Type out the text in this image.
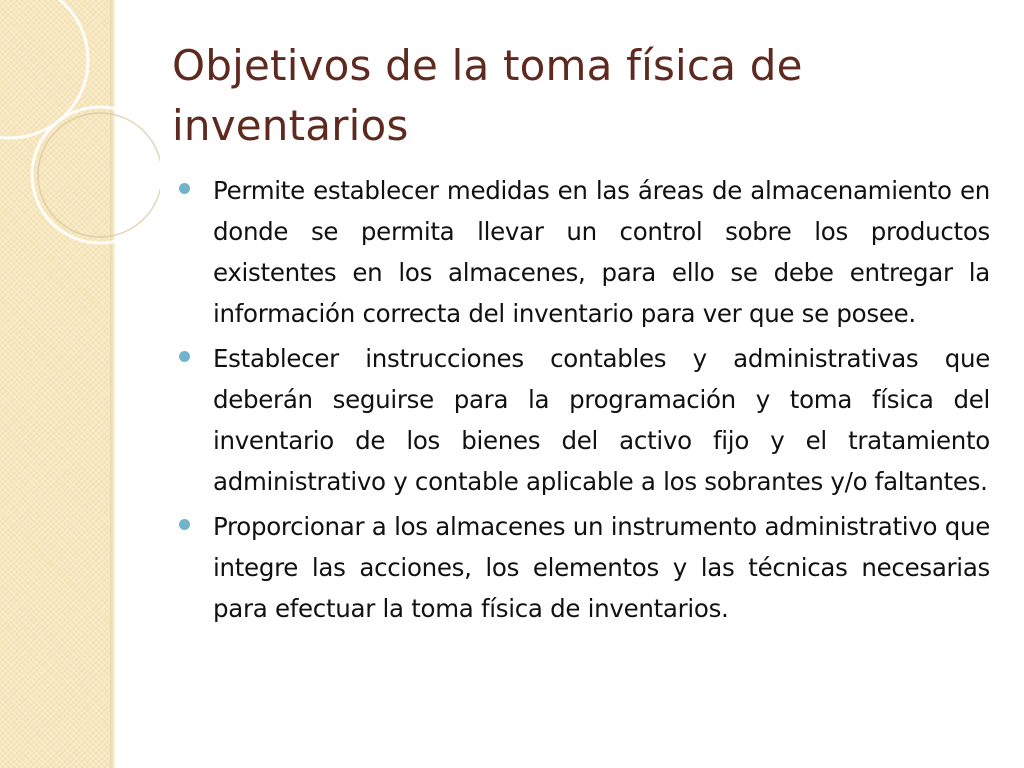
Objetivos de la toma física de inventarios
Permite establecer medidas en las áreas de almacenamiento en donde se permita llevar un control sobre los productos existentes en los almacenes, para ello se debe entregar la información correcta del inventario para ver que se posee.
Establecer instrucciones contables y administrativas que deberán seguirse para la programación y toma física del inventario de los bienes del activo fijo y el tratamiento administrativo y contable aplicable a los sobrantes y/o faltantes.
Proporcionar a los almacenes un instrumento administrativo que integre las acciones, los elementos y las técnicas necesarias para efectuar la toma física de inventarios.
